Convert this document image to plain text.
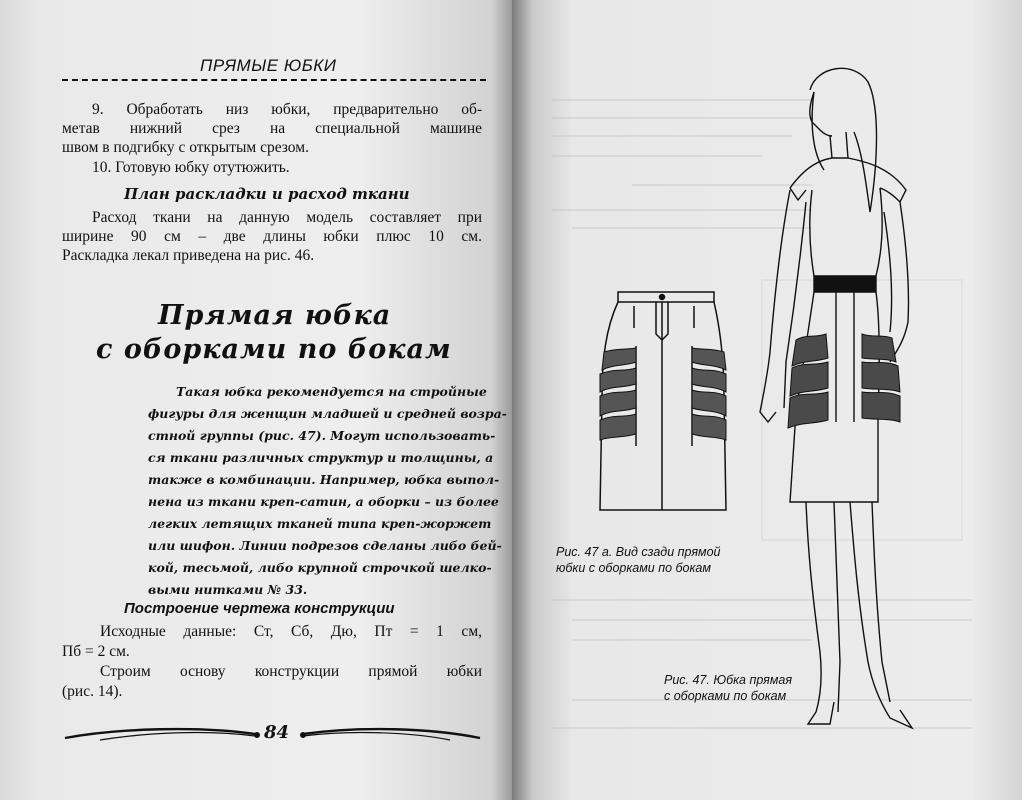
ПРЯМЫЕ ЮБКИ
9. Обработать низ юбки, предварительно об-
метав нижний срез на специальной машине
швом в подгибку с открытым срезом.
10. Готовую юбку отутюжить.
План раскладки и расход ткани
Расход ткани на данную модель составляет при
ширине 90 см – две длины юбки плюс 10 см.
Раскладка лекал приведена на рис. 46.
Прямая юбка
с оборками по бокам

Такая юбка рекомендуется на стройные

фигуры для женщин младшей и средней возра-

стной группы (рис. 47). Могут использовать-

ся ткани различных структур и толщины, а

также в комбинации. Например, юбка выпол-

нена из ткани креп-сатин, а оборки – из более

легких летящих тканей типа креп-жоржет

или шифон. Линии подрезов сделаны либо бей-

кой, тесьмой, либо крупной строчкой шелко-

выми нитками № 33.

Построение чертежа конструкции
Исходные данные: Ст, Сб, Дю, Пт = 1 см,
Пб = 2 см.
Строим основу конструкции прямой юбки
(рис. 14).
84
Рис. 47 а. Вид сзади прямой
юбки с оборками по бокам
Рис. 47. Юбка прямая
с оборками по бокам
